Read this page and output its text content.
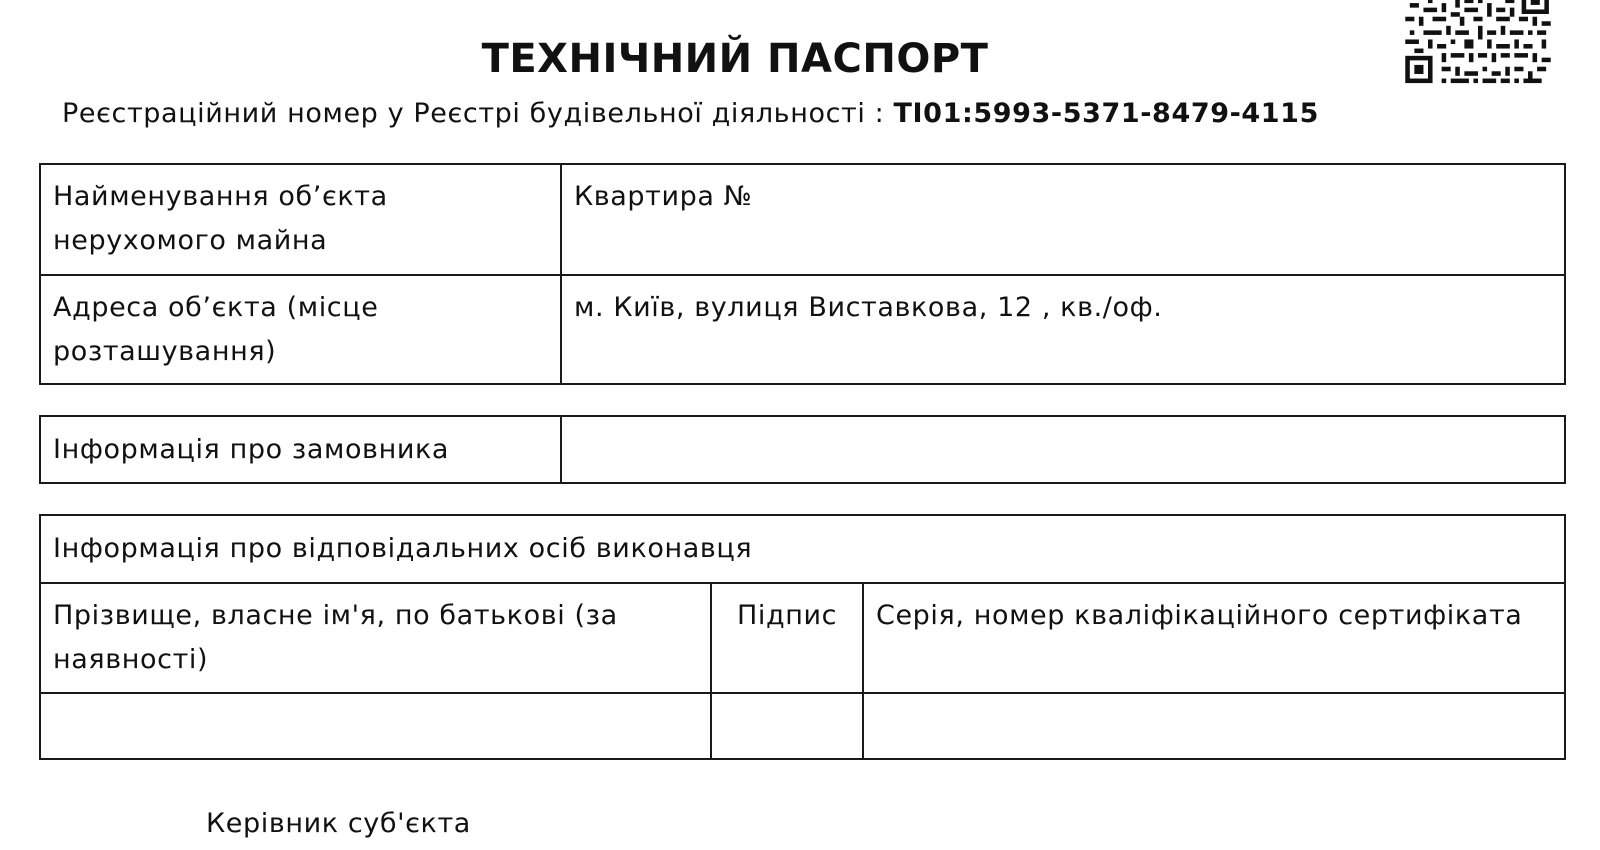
ТЕХНІЧНИЙ ПАСПОРТ
Реєстраційний номер у Реєстрі будівельної діяльності : ТІ01:5993-5371-8479-4115
Найменування об’єкта нерухомого майна	Квартира №
Адреса об’єкта (місце розташування)	м. Київ, вулиця Виставкова, 12 , кв./оф.
Інформація про замовника	
Інформація про відповідальних осіб виконавця		
Прізвище, власне ім'я, по батькові (за наявності)	Підпис	Серія, номер кваліфікаційного сертифіката

Керівник суб'єкта
